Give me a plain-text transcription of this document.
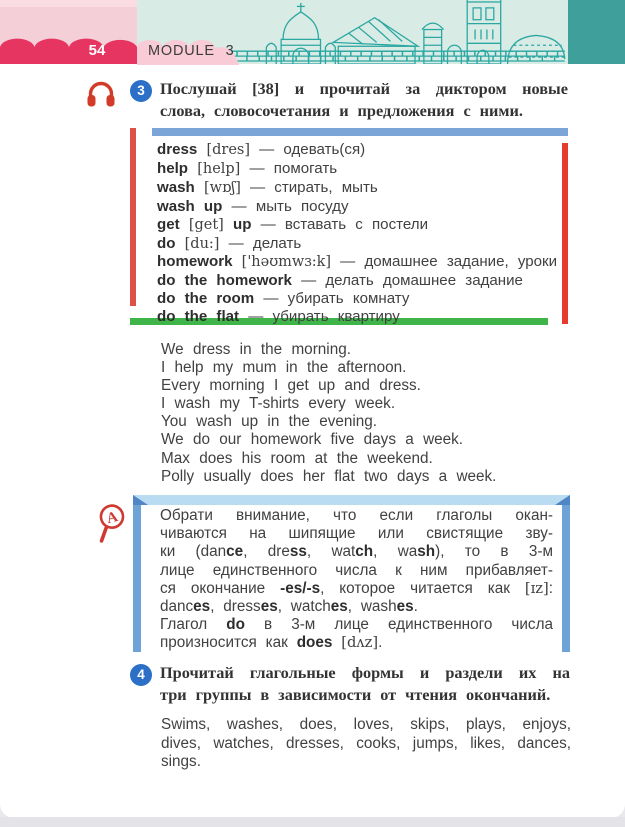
54	MODULE 3
3 Послушай [38] и прочитай за диктором новые
слова, словосочетания и предложения с ними.
dress [dres] — одевать(ся)
help [help] — помогать
wash [wɒʃ] — стирать, мыть
wash up — мыть посуду
get [get] up — вставать с постели
do [du:] — делать
homework ['həʊmwɜ:k] — домашнее задание, уроки
do the homework — делать домашнее задание
do the room — убирать комнату
do the flat — убирать квартиру
We dress in the morning.
I help my mum in the afternoon.
Every morning I get up and dress.
I wash my T-shirts every week.
You wash up in the evening.
We do our homework five days a week.
Max does his room at the weekend.
Polly usually does her flat two days a week.
A	Обрати внимание, что если глаголы окан-
чиваются на шипящие или свистящие зву-
ки (dance, dress, watch, wash), то в 3-м
лице единственного числа к ним прибавляет-
ся окончание -es/-s, которое читается как [ɪz]:
dances, dresses, watches, washes.
Глагол do в 3-м лице единственного числа
произносится как does [dʌz].
4 Прочитай глагольные формы и раздели их на
три группы в зависимости от чтения окончаний.
Swims, washes, does, loves, skips, plays, enjoys,
dives, watches, dresses, cooks, jumps, likes, dances,
sings.
